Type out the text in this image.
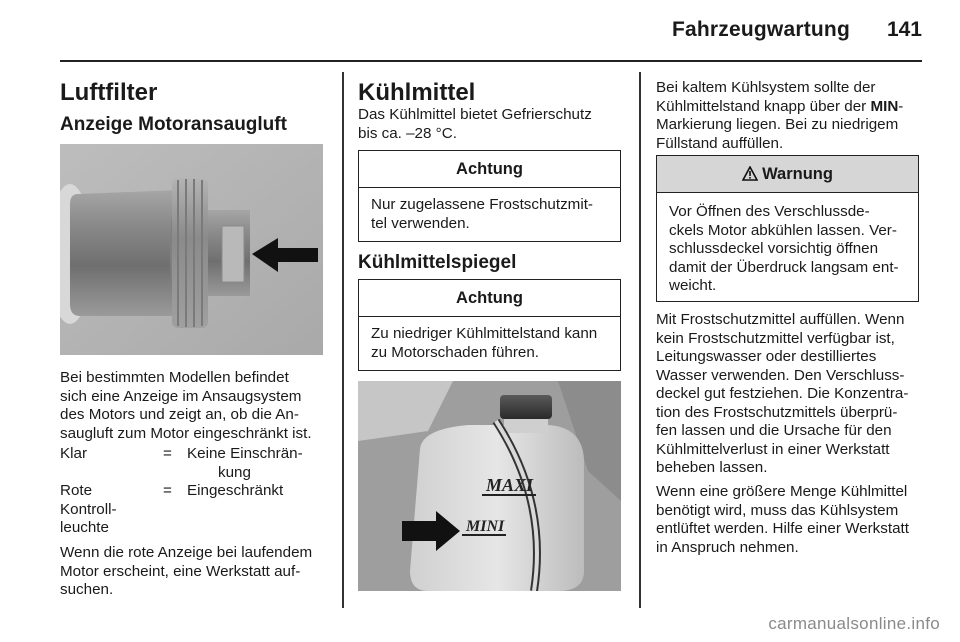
Fahrzeugwartung	141
Luftfilter
Anzeige Motoransaugluft
Bei bestimmten Modellen befindet
sich eine Anzeige im Ansaugsystem
des Motors und zeigt an, ob die An-
saugluft zum Motor eingeschränkt ist.
Klar	=	Keine Einschrän-
kung

Rote
Kontroll-
leuchte	=	Eingeschränkt
Wenn die rote Anzeige bei laufendem
Motor erscheint, eine Werkstatt auf-
suchen.
Kühlmittel
Das Kühlmittel bietet Gefrierschutz
bis ca. –28 °C.
Achtung
Nur zugelassene Frostschutzmit-
tel verwenden.
Kühlmittelspiegel
Achtung
Zu niedriger Kühlmittelstand kann
zu Motorschaden führen.
MAXI
MINI
Bei kaltem Kühlsystem sollte der
Kühlmittelstand knapp über der MIN-
Markierung liegen. Bei zu niedrigem
Füllstand auffüllen.
Warnung
Vor Öffnen des Verschlussde-
ckels Motor abkühlen lassen. Ver-
schlussdeckel vorsichtig öffnen
damit der Überdruck langsam ent-
weicht.
Mit Frostschutzmittel auffüllen. Wenn
kein Frostschutzmittel verfügbar ist,
Leitungswasser oder destilliertes
Wasser verwenden. Den Verschluss-
deckel gut festziehen. Die Konzentra-
tion des Frostschutzmittels überprü-
fen lassen und die Ursache für den
Kühlmittelverlust in einer Werkstatt
beheben lassen.
Wenn eine größere Menge Kühlmittel
benötigt wird, muss das Kühlsystem
entlüftet werden. Hilfe einer Werkstatt
in Anspruch nehmen.
carmanualsonline.info
